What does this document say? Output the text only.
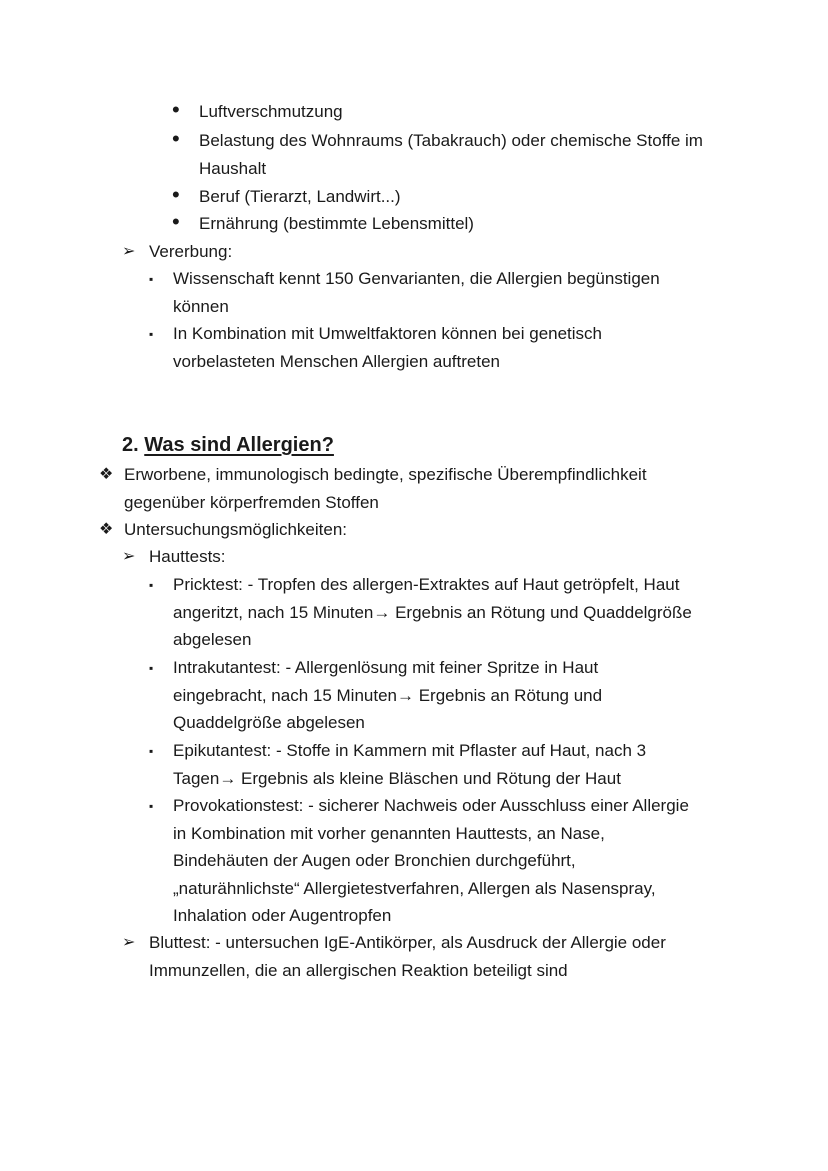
• Luftverschmutzung
• Belastung des Wohnraums (Tabakrauch) oder chemische Stoffe im
Haushalt
• Beruf (Tierarzt, Landwirt...)
• Ernährung (bestimmte Lebensmittel)
➢ Vererbung:
▪ Wissenschaft kennt 150 Genvarianten, die Allergien begünstigen
können
▪ In Kombination mit Umweltfaktoren können bei genetisch
vorbelasteten Menschen Allergien auftreten
2. Was sind Allergien?
❖ Erworbene, immunologisch bedingte, spezifische Überempfindlichkeit
gegenüber körperfremden Stoffen
❖ Untersuchungsmöglichkeiten:
➢ Hauttests:
▪ Pricktest: - Tropfen des allergen-Extraktes auf Haut getröpfelt, Haut
angeritzt, nach 15 Minuten→ Ergebnis an Rötung und Quaddelgröße
abgelesen
▪ Intrakutantest: - Allergenlösung mit feiner Spritze in Haut
eingebracht, nach 15 Minuten→ Ergebnis an Rötung und
Quaddelgröße abgelesen
▪ Epikutantest: - Stoffe in Kammern mit Pflaster auf Haut, nach 3
Tagen→ Ergebnis als kleine Bläschen und Rötung der Haut
▪ Provokationstest: - sicherer Nachweis oder Ausschluss einer Allergie
in Kombination mit vorher genannten Hauttests, an Nase,
Bindehäuten der Augen oder Bronchien durchgeführt,
„naturähnlichste“ Allergietestverfahren, Allergen als Nasenspray,
Inhalation oder Augentropfen
➢ Bluttest: - untersuchen IgE-Antikörper, als Ausdruck der Allergie oder
Immunzellen, die an allergischen Reaktion beteiligt sind
